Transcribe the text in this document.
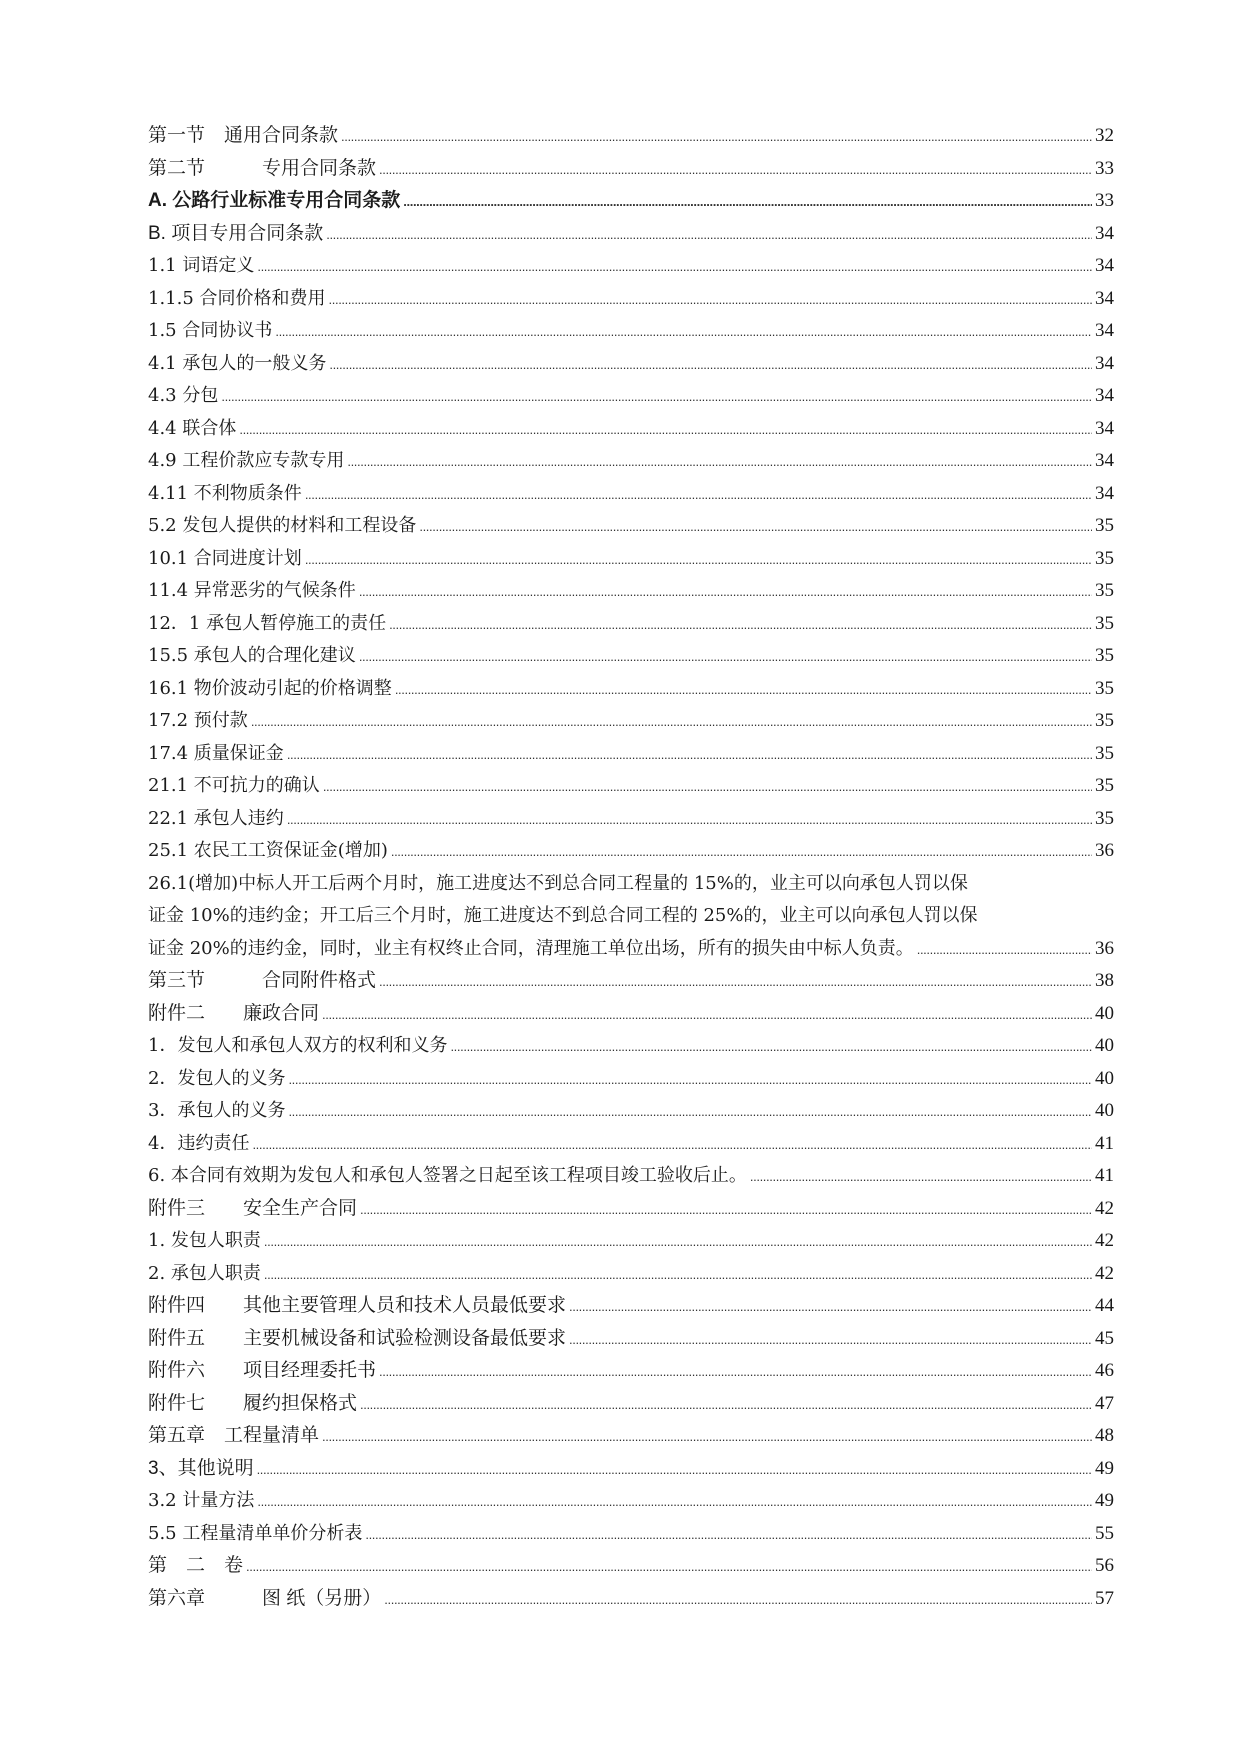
第一节　通用合同条款 . . .	32
第二节　　　专用合同条款 . . .	33
A. 公路行业标准专用合同条款 . . .	33
B. 项目专用合同条款 . . .	34
1.1 词语定义 . . .	34
1.1.5 合同价格和费用 . . .	34
1.5 合同协议书 . . .	34
4.1 承包人的一般义务 . . .	34
4.3 分包 . . .	34
4.4 联合体 . . .	34
4.9 工程价款应专款专用 . . .	34
4.11 不利物质条件 . . .	34
5.2 发包人提供的材料和工程设备 . . .	35
10.1 合同进度计划 . . .	35
11.4 异常恶劣的气候条件 . . .	35
12．1 承包人暂停施工的责任 . . .	35
15.5 承包人的合理化建议 . . .	35
16.1 物价波动引起的价格调整 . . .	35
17.2 预付款 . . .	35
17.4 质量保证金 . . .	35
21.1 不可抗力的确认 . . .	35
22.1 承包人违约 . . .	35
25.1 农民工工资保证金(增加) . . .	36
26.1(增加)中标人开工后两个月时，施工进度达不到总合同工程量的 15%的，业主可以向承包人罚以保
证金 10%的违约金；开工后三个月时，施工进度达不到总合同工程的 25%的，业主可以向承包人罚以保
证金 20%的违约金，同时，业主有权终止合同，清理施工单位出场，所有的损失由中标人负责。 . . .	36
第三节　　　合同附件格式 . . .	38
附件二　　廉政合同 . . .	40
1．发包人和承包人双方的权利和义务 . . .	40
2．发包人的义务 . . .	40
3．承包人的义务 . . .	40
4．违约责任 . . .	41
6. 本合同有效期为发包人和承包人签署之日起至该工程项目竣工验收后止。 . . .	41
附件三　　安全生产合同 . . .	42
1. 发包人职责 . . .	42
2. 承包人职责 . . .	42
附件四　　其他主要管理人员和技术人员最低要求 . . .	44
附件五　　主要机械设备和试验检测设备最低要求 . . .	45
附件六　　项目经理委托书 . . .	46
附件七　　履约担保格式 . . .	47
第五章　工程量清单 . . .	48
3、其他说明 . . .	49
3.2 计量方法 . . .	49
5.5 工程量清单单价分析表 . . .	55
第　二　卷 . . .	56
第六章　　　图 纸（另册） . . .	57
